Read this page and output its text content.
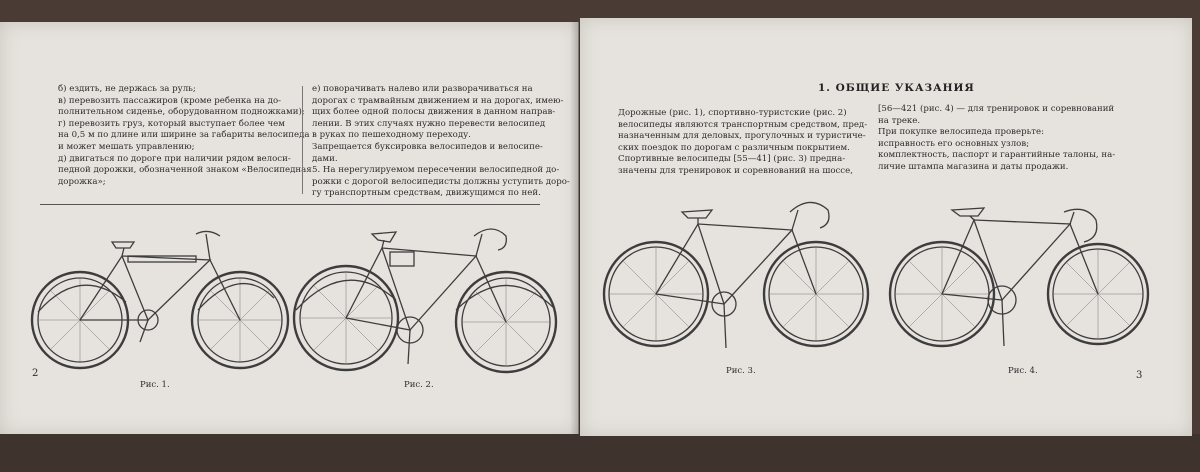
б) ездить, не держась за руль;
в) перевозить пассажиров (кроме ребенка на до-
полнительном сиденье, оборудованном подножками);
г) перевозить груз, который выступает более чем
на 0,5 м по длине или ширине за габариты велосипеда
и может мешать управлению;
д) двигаться по дороге при наличии рядом велоси-
педной дорожки, обозначенной знаком «Велосипедная
дорожка»;
е) поворачивать налево или разворачиваться на
дорогах с трамвайным движением и на дорогах, имею-
щих более одной полосы движения в данном направ-
лении. В этих случаях нужно перевести велосипед
в руках по пешеходному переходу.
Запрещается буксировка велосипедов и велосипе-
дами.
5. На нерегулируемом пересечении велосипедной до-
рожки с дорогой велосипедисты должны уступить доро-
гу транспортным средствам, движущимся по ней.
Рис. 1.	Рис. 2.
2
1. ОБЩИЕ УКАЗАНИЯ
Дорожные (рис. 1), спортивно-туристские (рис. 2)
велосипеды являются транспортным средством, пред-
назначенным для деловых, прогулочных и туристиче-
ских поездок по дорогам с различным покрытием.
Спортивные велосипеды [55—41] (рис. 3) предна-
значены для тренировок и соревнований на шоссе,
[56—421 (рис. 4) — для тренировок и соревнований
на треке.
При покупке велосипеда проверьте:
исправность его основных узлов;
комплектность, паспорт и гарантийные талоны, на-
личие штампа магазина и даты продажи.
Рис. 3.	Рис. 4.	3
